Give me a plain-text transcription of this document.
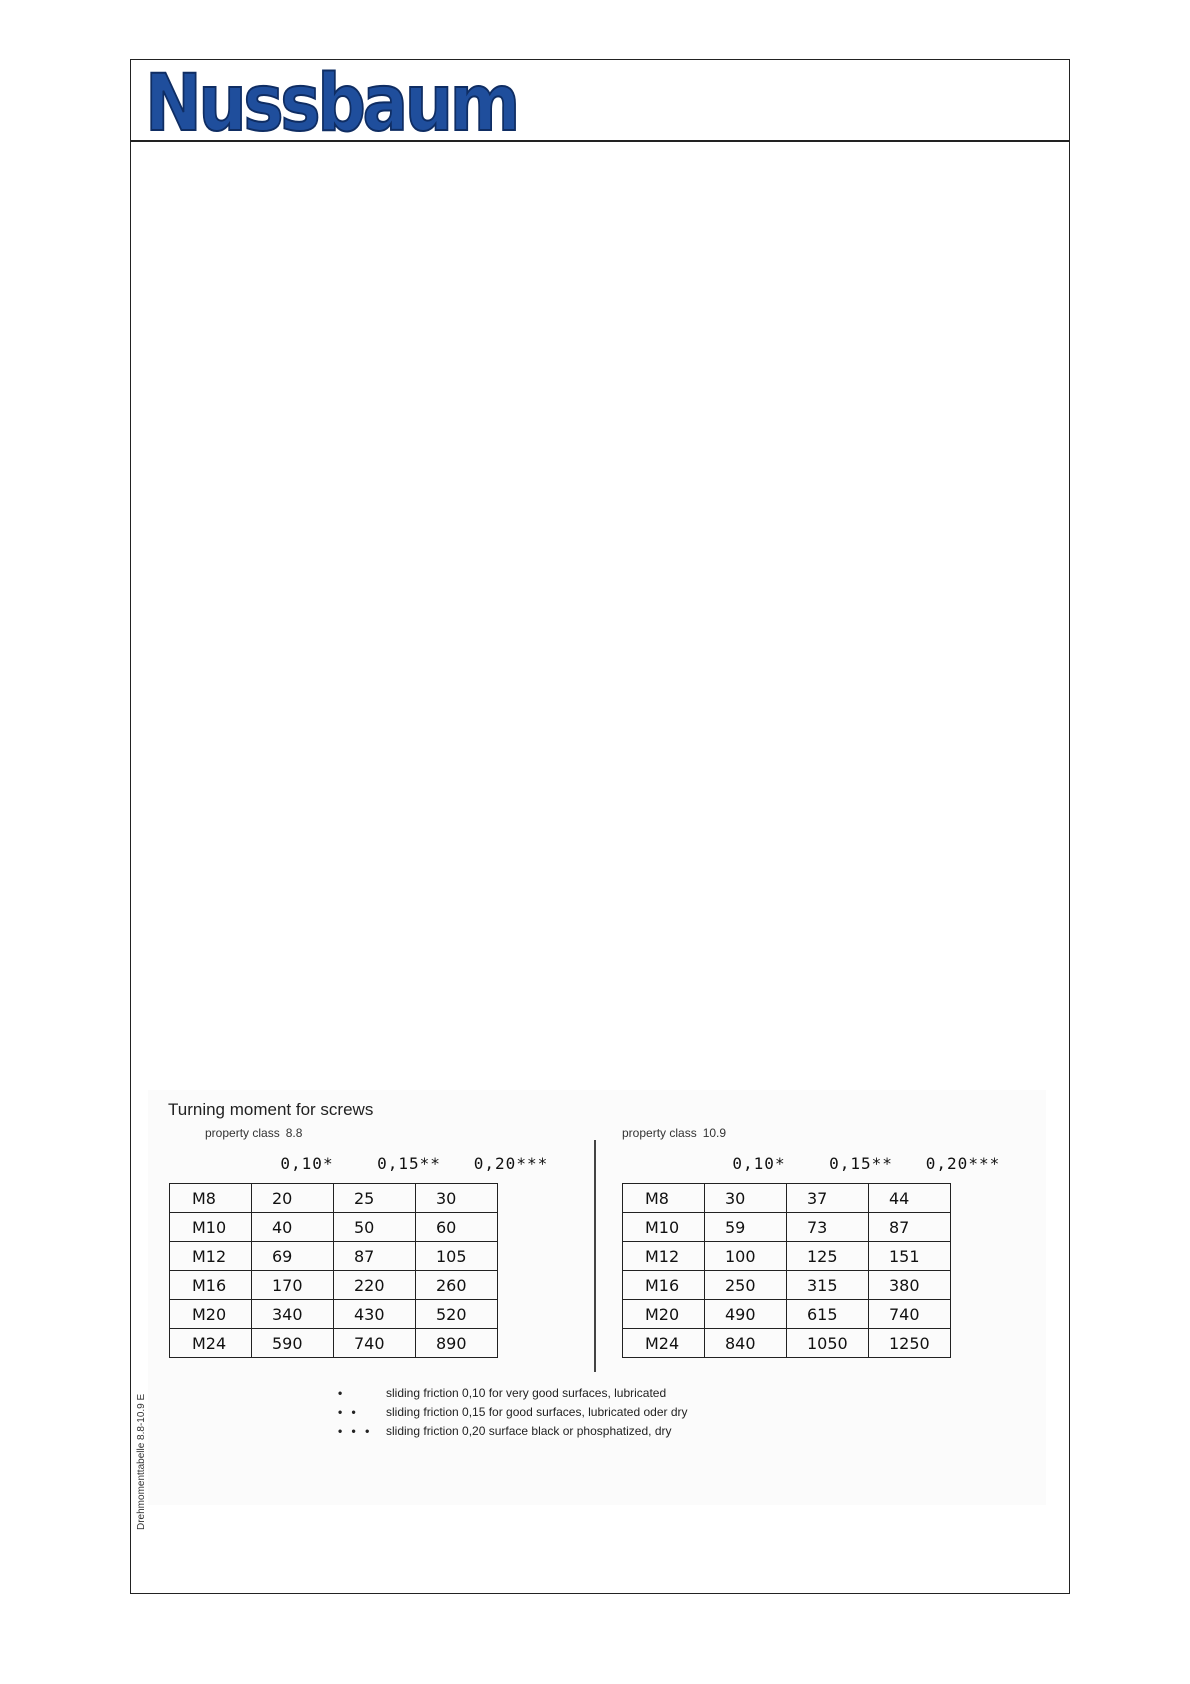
Nussbaum
Turning moment for screws
property class 8.8	property class 10.9
0,10*	0,15**	0,20***	0,10*	0,15**	0,20***
M8	20	25	30
M10	40	50	60
M12	69	87	105
M16	170	220	260
M20	340	430	520
M24	590	740	890
M8	30	37	44
M10	59	73	87
M12	100	125	151
M16	250	315	380
M20	490	615	740
M24	840	1050	1250
Drehmomenttabelle 8.8-10.9 E
•	sliding friction 0,10 for very good surfaces, lubricated
• • sliding friction 0,15 for good surfaces, lubricated oder dry
• • • sliding friction 0,20 surface black or phosphatized, dry
